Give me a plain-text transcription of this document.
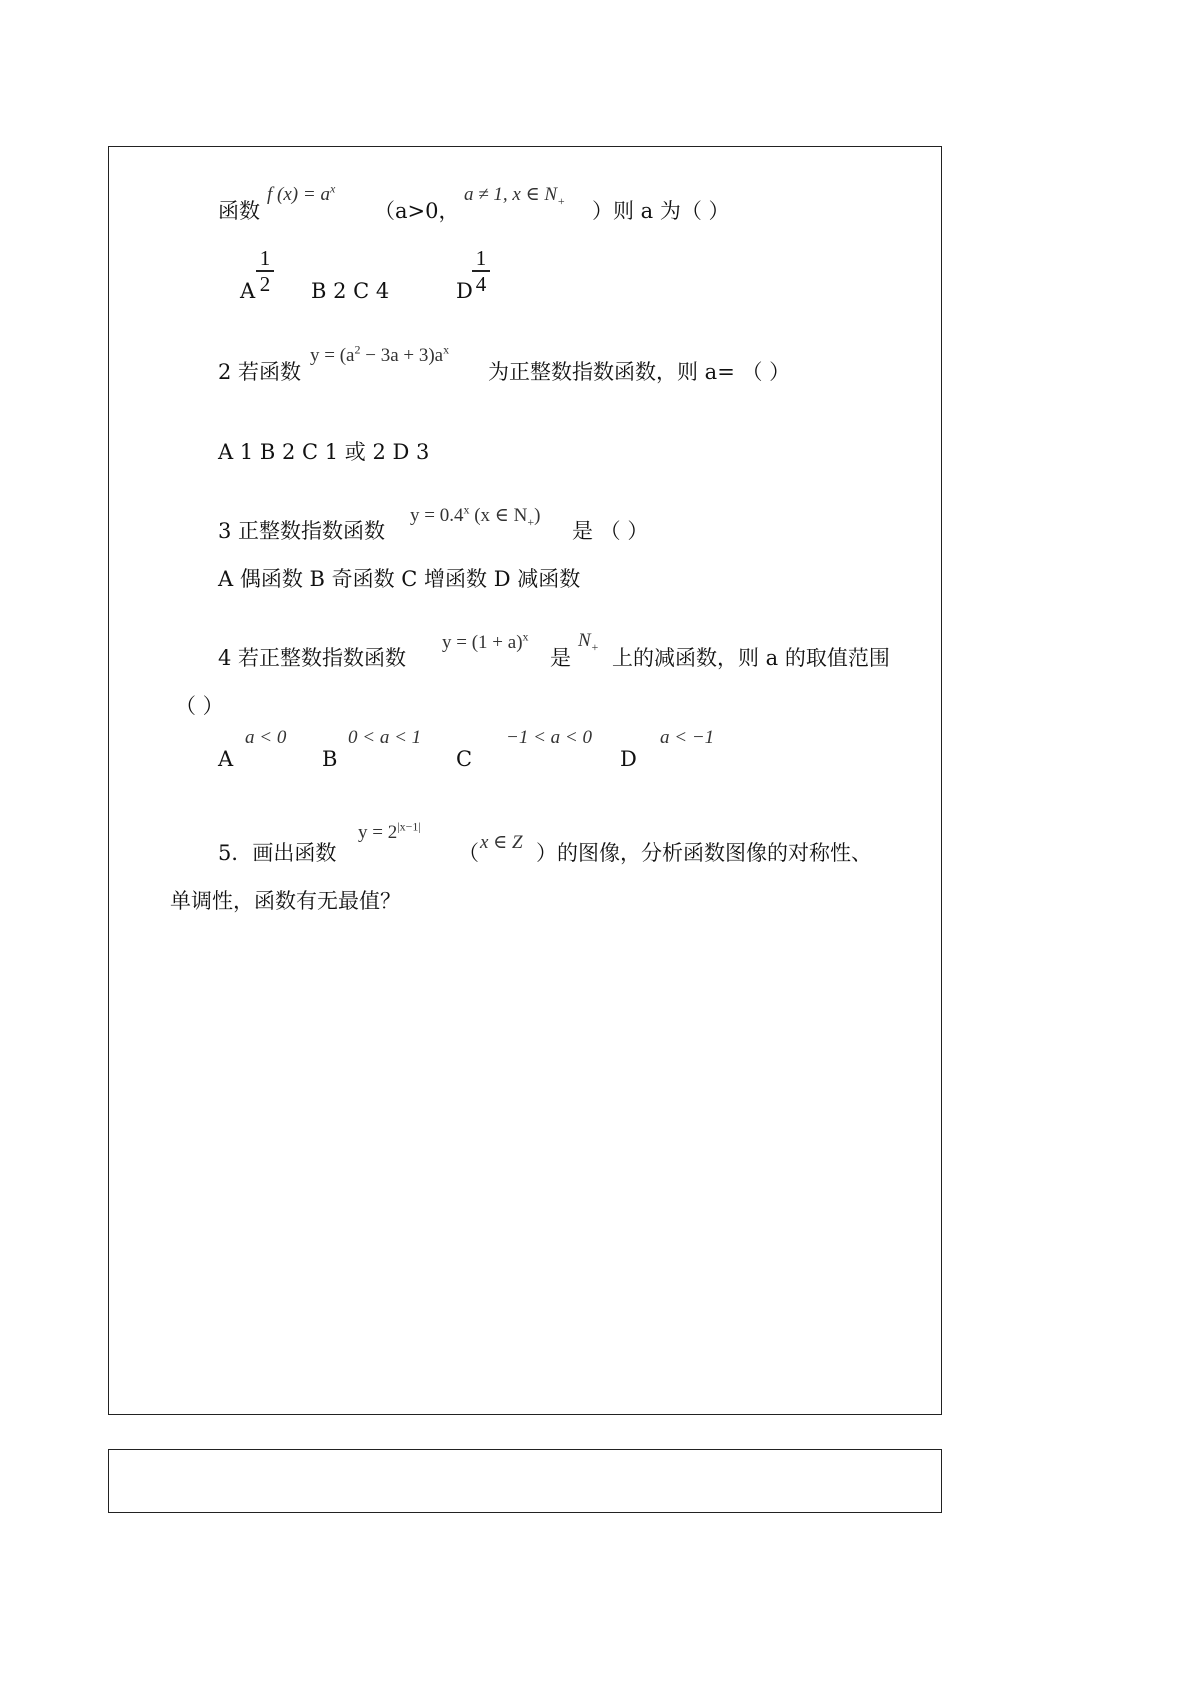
函数
f $(x) = a^x$
（a>0，
a ≠ 1, x ∈ $N_+$ ）则 a 为（ ）
A $\frac{1}{2}$ B 2 C 4	D $\frac{1}{4}$
2 若函数
$y = (a^2 - 3a + 3)a^x$
为正整数指数函数，则 a= （ ）
A 1 B 2 C 1 或 2 D 3
3 正整数指数函数
$y = 0.4^x$ (x ∈ $N_+$)
是 （ ）
A 偶函数 B 奇函数 C 增函数 D 减函数
4 若正整数指数函数
$y = (1 + a)^x$
是
$N_+$ 上的减函数，则 a 的取值范围
（ ）
A
a < 0
B
0 < a < 1
C
−1 < a < 0
D
a < −1
5．画出函数
$y = 2^{|x-1|}$
（ x ∈ Z ）的图像，分析函数图像的对称性、
单调性，函数有无最值？
